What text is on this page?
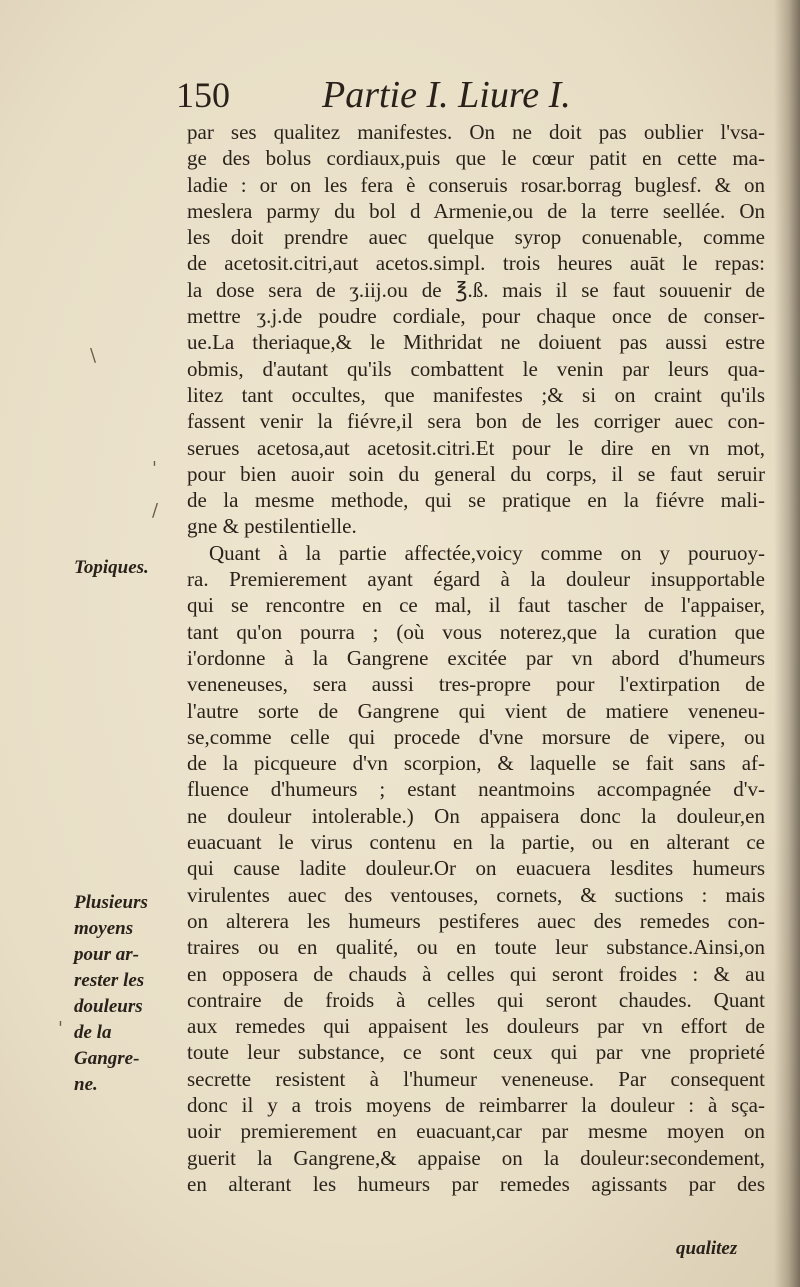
150 Partie I. Liure I.
par ses qualitez manifestes. On ne doit pas oublier l'vsa-
ge des bolus cordiaux,puis que le cœur patit en cette ma-
ladie : or on les fera è conseruis rosar.borrag buglesf. & on
meslera parmy du bol d Armenie,ou de la terre seellée. On
les doit prendre auec quelque syrop conuenable, comme
de acetosit.citri,aut acetos.simpl. trois heures auāt le repas:
la dose sera de ʒ.iij.ou de ℥.ß. mais il se faut souuenir de
mettre ʒ.j.de poudre cordiale, pour chaque once de conser-
ue.La theriaque,& le Mithridat ne doiuent pas aussi estre
obmis, d'autant qu'ils combattent le venin par leurs qua-
litez tant occultes, que manifestes ;& si on craint qu'ils
fassent venir la fiévre,il sera bon de les corriger auec con-
serues acetosa,aut acetosit.citri.Et pour le dire en vn mot,
pour bien auoir soin du general du corps, il se faut seruir
de la mesme methode, qui se pratique en la fiévre mali-
gne & pestilentielle.
Quant à la partie affectée,voicy comme on y pouruoy-
ra. Premierement ayant égard à la douleur insupportable
qui se rencontre en ce mal, il faut tascher de l'appaiser,
tant qu'on pourra ; (où vous noterez,que la curation que
i'ordonne à la Gangrene excitée par vn abord d'humeurs
veneneuses, sera aussi tres-propre pour l'extirpation de
l'autre sorte de Gangrene qui vient de matiere veneneu-
se,comme celle qui procede d'vne morsure de vipere, ou
de la picqueure d'vn scorpion, & laquelle se fait sans af-
fluence d'humeurs ; estant neantmoins accompagnée d'v-
ne douleur intolerable.) On appaisera donc la douleur,en
euacuant le virus contenu en la partie, ou en alterant ce
qui cause ladite douleur.Or on euacuera lesdites humeurs
virulentes auec des ventouses, cornets, & suctions : mais
on alterera les humeurs pestiferes auec des remedes con-
traires ou en qualité, ou en toute leur substance.Ainsi,on
en opposera de chauds à celles qui seront froides : & au
contraire de froids à celles qui seront chaudes. Quant
aux remedes qui appaisent les douleurs par vn effort de
toute leur substance, ce sont ceux qui par vne proprieté
secrette resistent à l'humeur veneneuse. Par consequent
donc il y a trois moyens de reimbarrer la douleur : à sça-
uoir premierement en euacuant,car par mesme moyen on
guerit la Gangrene,& appaise on la douleur:secondement,
en alterant les humeurs par remedes agissants par des
Topiques.
Plusieurs
moyens
pour ar-
rester les
douleurs
de la
Gangre-
ne.
qualitez
\
'
/
'
